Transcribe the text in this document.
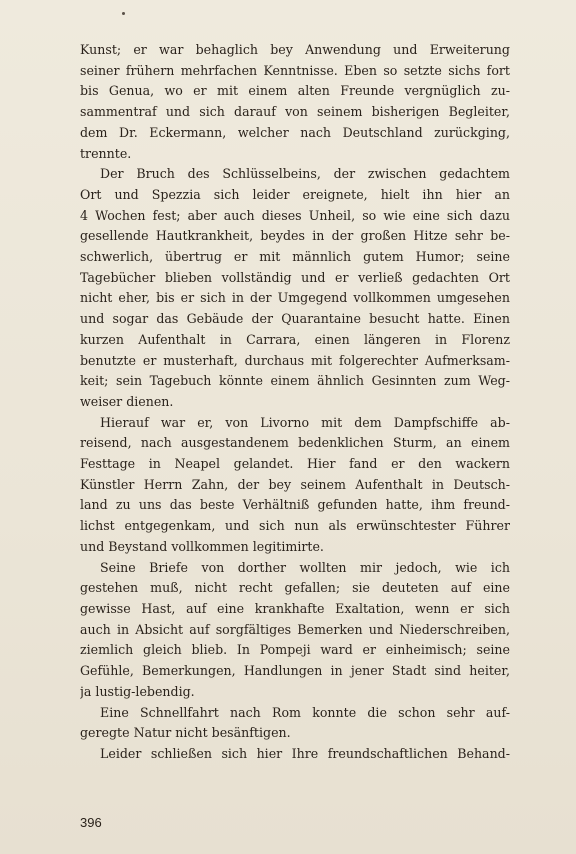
Kunst; er war behaglich bey Anwendung und Erweiterung
seiner frühern mehrfachen Kenntnisse. Eben so setzte sichs fort
bis Genua, wo er mit einem alten Freunde vergnüglich zu-
sammentraf und sich darauf von seinem bisherigen Begleiter,
dem Dr. Eckermann, welcher nach Deutschland zurückging,
trennte.
Der Bruch des Schlüsselbeins, der zwischen gedachtem
Ort und Spezzia sich leider ereignete, hielt ihn hier an
4 Wochen fest; aber auch dieses Unheil, so wie eine sich dazu
gesellende Hautkrankheit, beydes in der großen Hitze sehr be-
schwerlich, übertrug er mit männlich gutem Humor; seine
Tagebücher blieben vollständig und er verließ gedachten Ort
nicht eher, bis er sich in der Umgegend vollkommen umgesehen
und sogar das Gebäude der Quarantaine besucht hatte. Einen
kurzen Aufenthalt in Carrara, einen längeren in Florenz
benutzte er musterhaft, durchaus mit folgerechter Aufmerksam-
keit; sein Tagebuch könnte einem ähnlich Gesinnten zum Weg-
weiser dienen.
Hierauf war er, von Livorno mit dem Dampfschiffe ab-
reisend, nach ausgestandenem bedenklichen Sturm, an einem
Festtage in Neapel gelandet. Hier fand er den wackern
Künstler Herrn Zahn, der bey seinem Aufenthalt in Deutsch-
land zu uns das beste Verhältniß gefunden hatte, ihm freund-
lichst entgegenkam, und sich nun als erwünschtester Führer
und Beystand vollkommen legitimirte.
Seine Briefe von dorther wollten mir jedoch, wie ich
gestehen muß, nicht recht gefallen; sie deuteten auf eine
gewisse Hast, auf eine krankhafte Exaltation, wenn er sich
auch in Absicht auf sorgfältiges Bemerken und Niederschreiben,
ziemlich gleich blieb. In Pompeji ward er einheimisch; seine
Gefühle, Bemerkungen, Handlungen in jener Stadt sind heiter,
ja lustig-lebendig.
Eine Schnellfahrt nach Rom konnte die schon sehr auf-
geregte Natur nicht besänftigen.
Leider schließen sich hier Ihre freundschaftlichen Behand-
396
